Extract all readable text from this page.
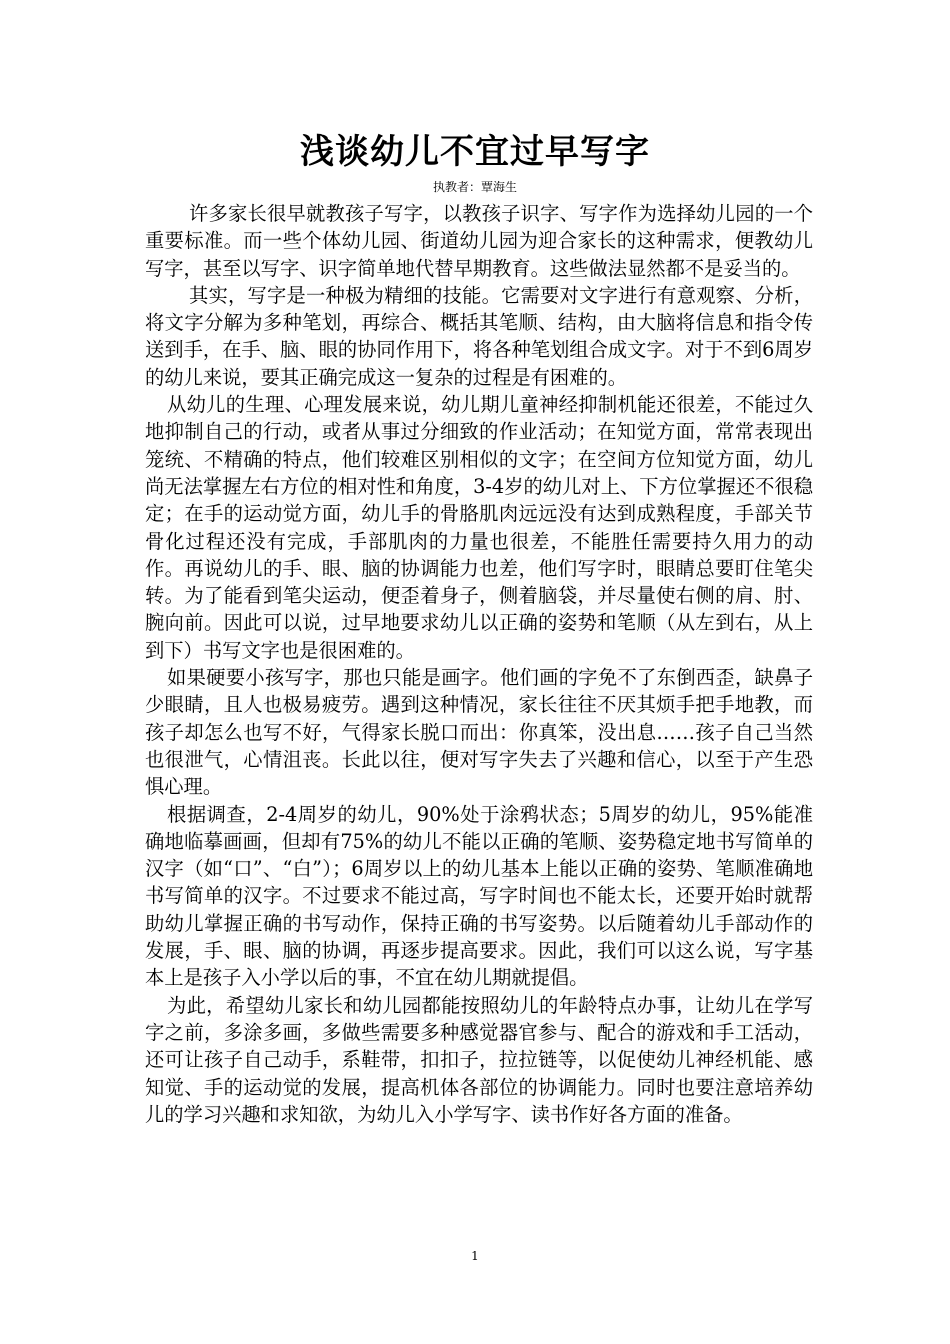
浅谈幼儿不宜过早写字
执教者：覃海生

许多家长很早就教孩子写字，以教孩子识字、写字作为选择幼儿园的一个重要标准。而一些个体幼儿园、街道幼儿园为迎合家长的这种需求，便教幼儿写字，甚至以写字、识字简单地代替早期教育。这些做法显然都不是妥当的。

其实，写字是一种极为精细的技能。它需要对文字进行有意观察、分析，将文字分解为多种笔划，再综合、概括其笔顺、结构，由大脑将信息和指令传送到手，在手、脑、眼的协同作用下，将各种笔划组合成文字。对于不到6周岁的幼儿来说，要其正确完成这一复杂的过程是有困难的。

从幼儿的生理、心理发展来说，幼儿期儿童神经抑制机能还很差，不能过久地抑制自己的行动，或者从事过分细致的作业活动；在知觉方面，常常表现出笼统、不精确的特点，他们较难区别相似的文字；在空间方位知觉方面，幼儿尚无法掌握左右方位的相对性和角度，3-4岁的幼儿对上、下方位掌握还不很稳定；在手的运动觉方面，幼儿手的骨胳肌肉远远没有达到成熟程度，手部关节骨化过程还没有完成，手部肌肉的力量也很差，不能胜任需要持久用力的动作。再说幼儿的手、眼、脑的协调能力也差，他们写字时，眼睛总要盯住笔尖转。为了能看到笔尖运动，便歪着身子，侧着脑袋，并尽量使右侧的肩、肘、腕向前。因此可以说，过早地要求幼儿以正确的姿势和笔顺（从左到右，从上到下）书写文字也是很困难的。

如果硬要小孩写字，那也只能是画字。他们画的字免不了东倒西歪，缺鼻子少眼睛，且人也极易疲劳。遇到这种情况，家长往往不厌其烦手把手地教，而孩子却怎么也写不好，气得家长脱口而出：你真笨，没出息……孩子自己当然也很泄气，心情沮丧。长此以往，便对写字失去了兴趣和信心，以至于产生恐惧心理。

根据调查，2-4周岁的幼儿，90%处于涂鸦状态；5周岁的幼儿，95%能准确地临摹画画，但却有75%的幼儿不能以正确的笔顺、姿势稳定地书写简单的汉字（如“口”、“白”）；6周岁以上的幼儿基本上能以正确的姿势、笔顺准确地书写简单的汉字。不过要求不能过高，写字时间也不能太长，还要开始时就帮助幼儿掌握正确的书写动作，保持正确的书写姿势。以后随着幼儿手部动作的发展，手、眼、脑的协调，再逐步提高要求。因此，我们可以这么说，写字基本上是孩子入小学以后的事，不宜在幼儿期就提倡。

为此，希望幼儿家长和幼儿园都能按照幼儿的年龄特点办事，让幼儿在学写字之前，多涂多画，多做些需要多种感觉器官参与、配合的游戏和手工活动，还可让孩子自己动手，系鞋带，扣扣子，拉拉链等，以促使幼儿神经机能、感知觉、手的运动觉的发展，提高机体各部位的协调能力。同时也要注意培养幼儿的学习兴趣和求知欲，为幼儿入小学写字、读书作好各方面的准备。

1
